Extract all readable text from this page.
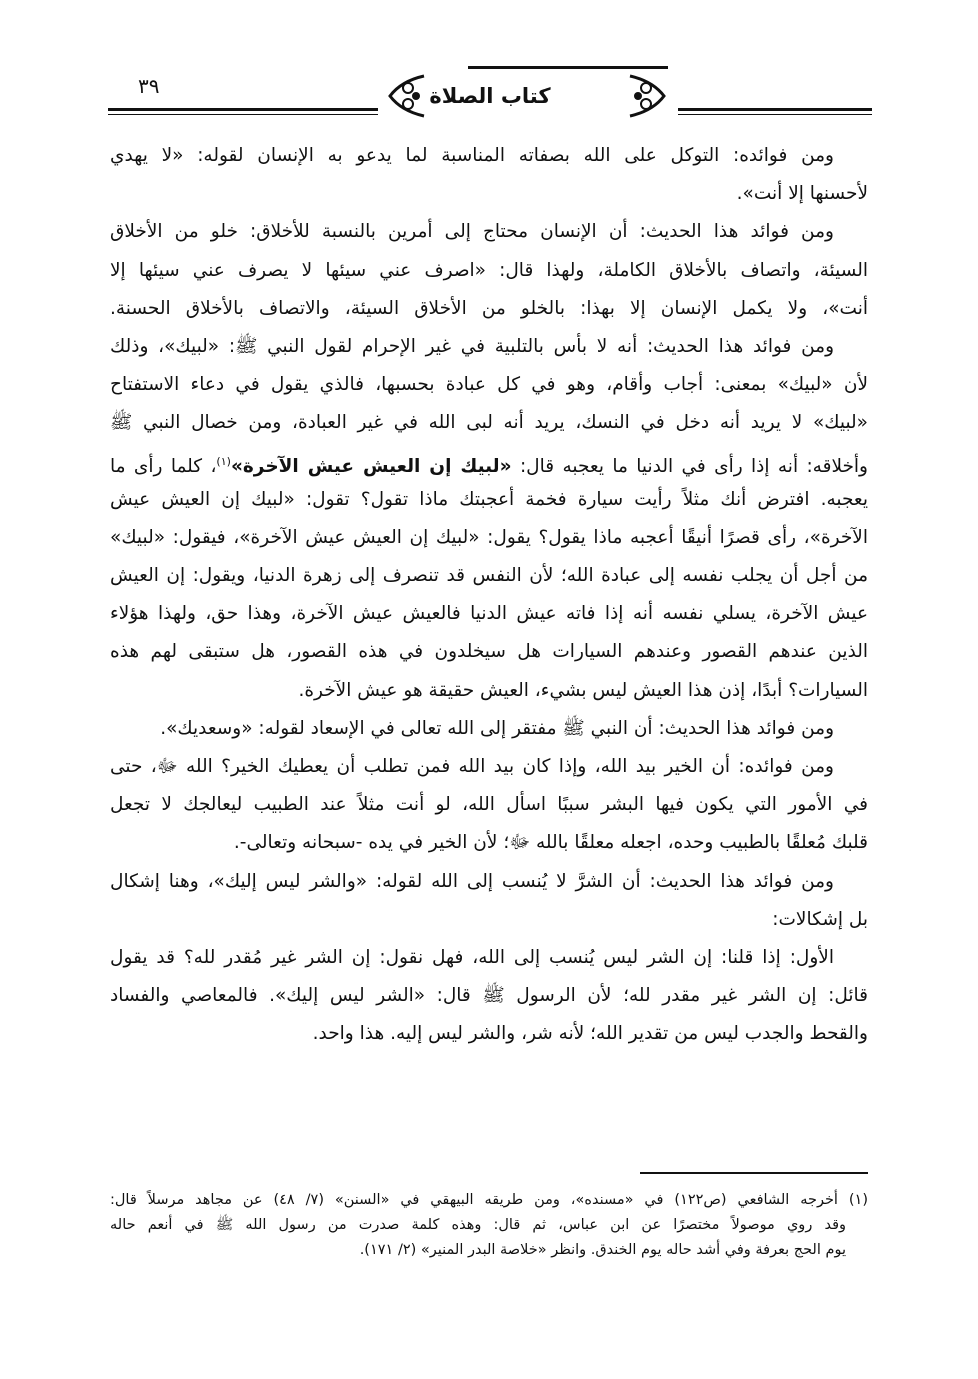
٣٩	كتاب الصلاة
ومن فوائده: التوكل على الله بصفاته المناسبة لما يدعو به الإنسان لقوله: «لا يهدي
لأحسنها إلا أنت».
ومن فوائد هذا الحديث: أن الإنسان محتاج إلى أمرين بالنسبة للأخلاق: خلو من الأخلاق
السيئة، واتصاف بالأخلاق الكاملة، ولهذا قال: «اصرف عني سيئها لا يصرف عني سيئها إلا
أنت»، ولا يكمل الإنسان إلا بهذا: بالخلو من الأخلاق السيئة، والاتصاف بالأخلاق الحسنة.
ومن فوائد هذا الحديث: أنه لا بأس بالتلبية في غير الإحرام لقول النبي ﷺ: «لبيك»، وذلك
لأن «لبيك» بمعنى: أجاب وأقام، وهو في كل عبادة بحسبها، فالذي يقول في دعاء الاستفتاح
«لبيك» لا يريد أنه دخل في النسك، يريد أنه لبى الله في غير العبادة، ومن خصال النبي ﷺ
وأخلاقه: أنه إذا رأى في الدنيا ما يعجبه قال: «لبيك إن العيش عيش الآخرة»$^{(١)}$، كلما رأى ما
يعجبه. افترض أنك مثلاً رأيت سيارة فخمة أعجبتك ماذا تقول؟ تقول: «لبيك إن العيش عيش
الآخرة»، رأى قصرًا أنيقًا أعجبه ماذا يقول؟ يقول: «لبيك إن العيش عيش الآخرة»، فيقول: «لبيك»
من أجل أن يجلب نفسه إلى عبادة الله؛ لأن النفس قد تنصرف إلى زهرة الدنيا، ويقول: إن العيش
عيش الآخرة، يسلي نفسه أنه إذا فاته عيش الدنيا فالعيش عيش الآخرة، وهذا حق، ولهذا هؤلاء
الذين عندهم القصور وعندهم السيارات هل سيخلدون في هذه القصور، هل ستبقى لهم هذه
السيارات؟ أبدًا، إذن هذا العيش ليس بشيء، العيش حقيقة هو عيش الآخرة.
ومن فوائد هذا الحديث: أن النبي ﷺ مفتقر إلى الله تعالى في الإسعاد لقوله: «وسعديك».
ومن فوائده: أن الخير بيد الله، وإذا كان بيد الله فمن تطلب أن يعطيك الخير؟ الله ﷻ، حتى
في الأمور التي يكون فيها البشر سببًا اسأل الله، لو أنت مثلاً عند الطبيب ليعالجك لا تجعل
قلبك مُعلقًا بالطبيب وحده، اجعله معلقًا بالله ﷻ؛ لأن الخير في يده -سبحانه وتعالى-.
ومن فوائد هذا الحديث: أن الشرَّ لا يُنسب إلى الله لقوله: «والشر ليس إليك»، وهنا إشكال
بل إشكالات:
الأول: إذا قلنا: إن الشر ليس يُنسب إلى الله، فهل نقول: إن الشر غير مُقدر لله؟ قد يقول
قائل: إن الشر غير مقدر لله؛ لأن الرسول ﷺ قال: «الشر ليس إليك». فالمعاصي والفساد
والقحط والجدب ليس من تقدير الله؛ لأنه شر، والشر ليس إليه. هذا واحد.
(١) أخرجه الشافعي (ص١٢٢) في «مسنده»، ومن طريقه البيهقي في «السنن» (٧/ ٤٨) عن مجاهد مرسلاً قال:
وقد روي موصولاً مختصرًا عن ابن عباس، ثم قال: وهذه كلمة صدرت من رسول الله ﷺ في أنعم حاله
يوم الحج بعرفة وفي أشد حاله يوم الخندق. وانظر «خلاصة البدر المنير» (٢/ ١٧١).
